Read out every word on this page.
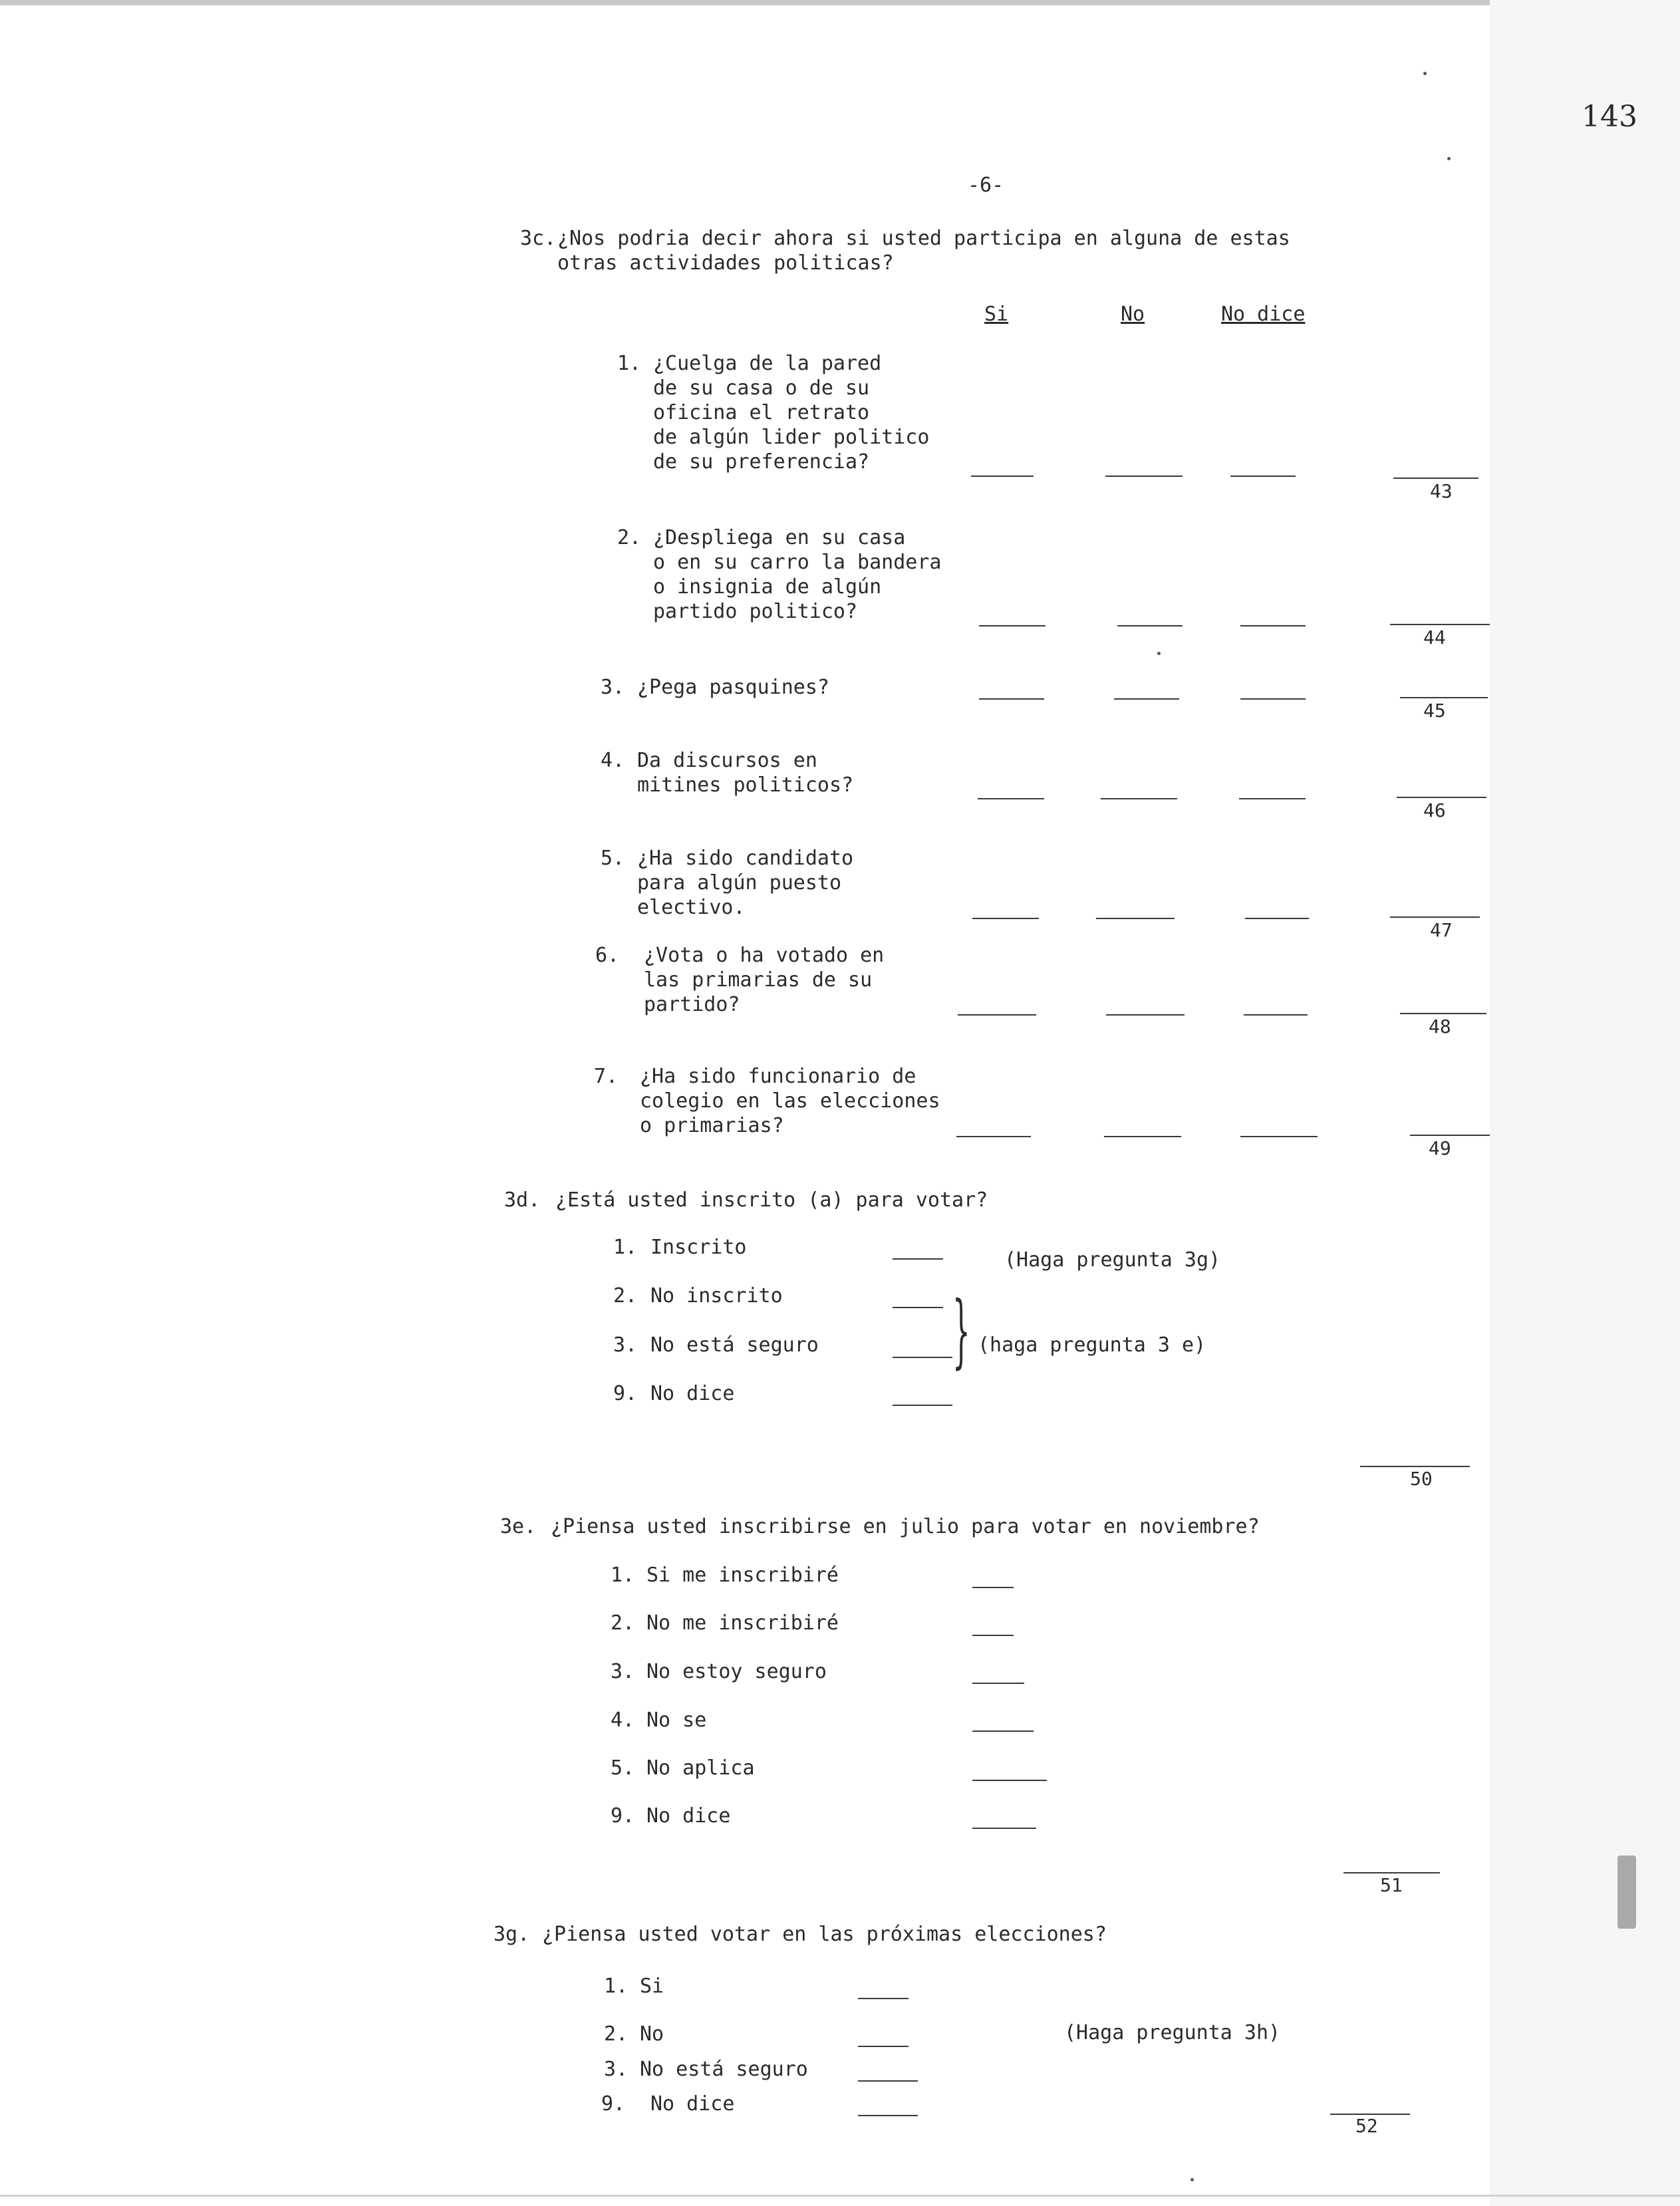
143
-6-
3c. ¿Nos podria decir ahora si usted participa en alguna de estas
otras actividades politicas?
Si	No	No dice
1. ¿Cuelga de la pared
de su casa o de su
oficina el retrato
de algún lider politico
de su preferencia?
43
2. ¿Despliega en su casa
o en su carro la bandera
o insignia de algún
partido politico?
44
3. ¿Pega pasquines?
45
4. Da discursos en
mitines politicos?
46
5. ¿Ha sido candidato
para algún puesto
electivo.
47
6. ¿Vota o ha votado en
las primarias de su
partido?
48
7. ¿Ha sido funcionario de
colegio en las elecciones
o primarias?
49
3d. ¿Está usted inscrito (a) para votar?
1. Inscrito
(Haga pregunta 3g)
2. No inscrito
3. No está seguro } (haga pregunta 3 e)
9. No dice
50
3e. ¿Piensa usted inscribirse en julio para votar en noviembre?
1. Si me inscribiré
2. No me inscribiré
3. No estoy seguro
4. No se
5. No aplica
9. No dice
51
3g. ¿Piensa usted votar en las próximas elecciones?
1. Si
2. No	(Haga pregunta 3h)
3. No está seguro
9. No dice
52
